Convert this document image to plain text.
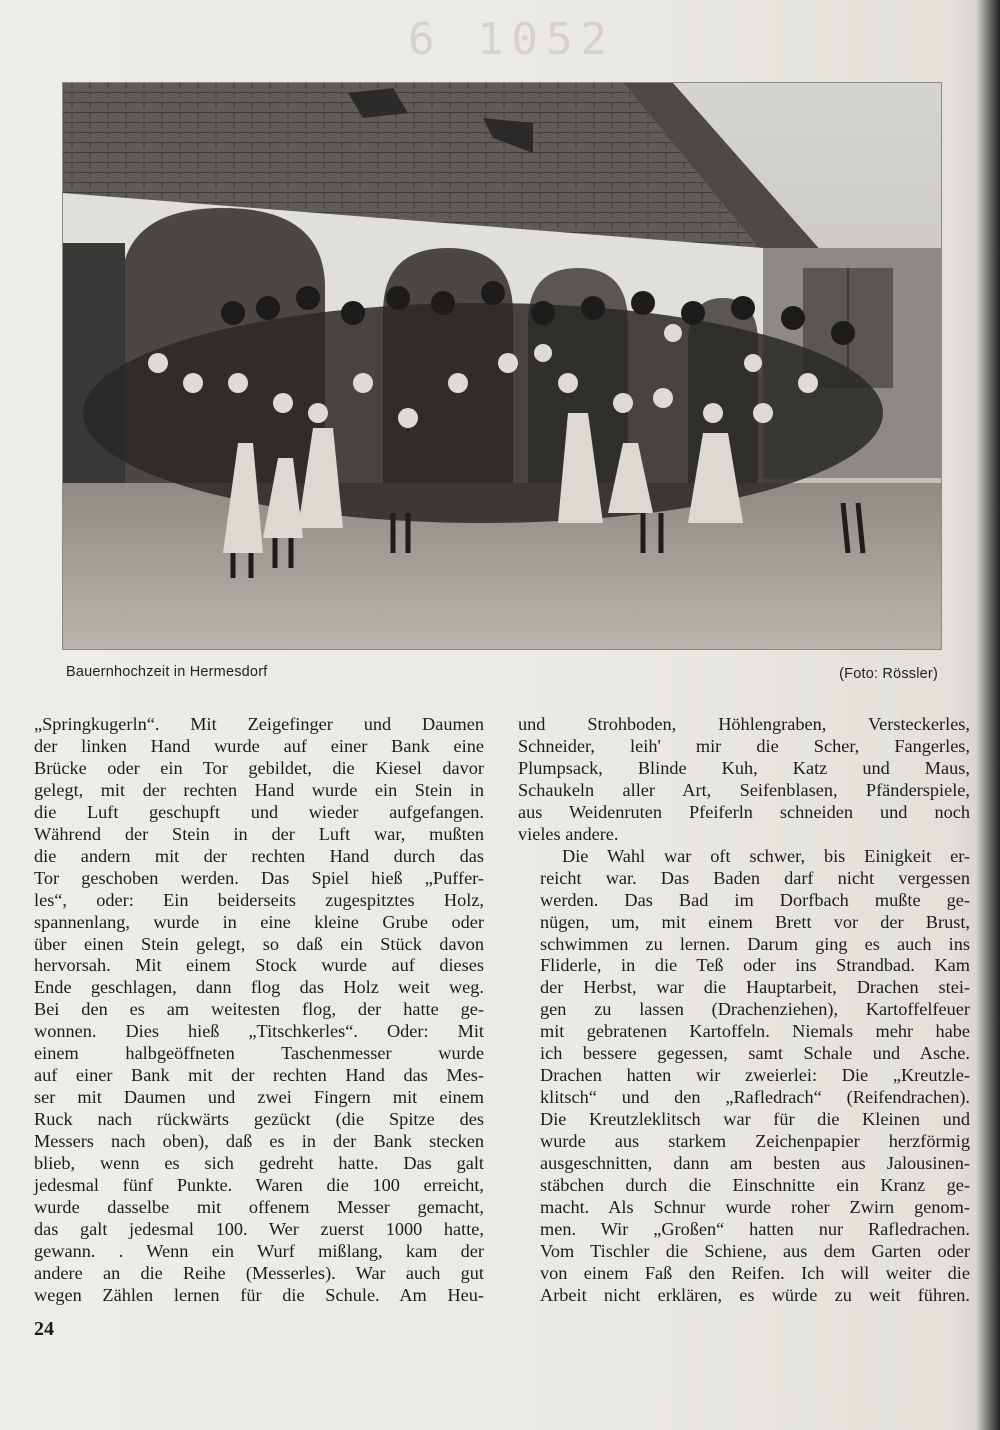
6 1052
Bauernhochzeit in Hermesdorf	(Foto: Rössler)

„Springkugerln“. Mit Zeigefinger und Daumen
der linken Hand wurde auf einer Bank eine
Brücke oder ein Tor gebildet, die Kiesel davor
gelegt, mit der rechten Hand wurde ein Stein in
die Luft geschupft und wieder aufgefangen.
Während der Stein in der Luft war, mußten
die andern mit der rechten Hand durch das
Tor geschoben werden. Das Spiel hieß „Puffer-
les“, oder: Ein beiderseits zugespitztes Holz,
spannenlang, wurde in eine kleine Grube oder
über einen Stein gelegt, so daß ein Stück davon
hervorsah. Mit einem Stock wurde auf dieses
Ende geschlagen, dann flog das Holz weit weg.
Bei den es am weitesten flog, der hatte ge-
wonnen. Dies hieß „Titschkerles“. Oder: Mit
einem halbgeöffneten Taschenmesser wurde
auf einer Bank mit der rechten Hand das Mes-
ser mit Daumen und zwei Fingern mit einem
Ruck nach rückwärts gezückt (die Spitze des
Messers nach oben), daß es in der Bank stecken
blieb, wenn es sich gedreht hatte. Das galt
jedesmal fünf Punkte. Waren die 100 erreicht,
wurde dasselbe mit offenem Messer gemacht,
das galt jedesmal 100. Wer zuerst 1000 hatte,
gewann. . Wenn ein Wurf mißlang, kam der
andere an die Reihe (Messerles). War auch gut
wegen Zählen lernen für die Schule. Am Heu-

und Strohboden, Höhlengraben, Versteckerles,
Schneider, leih' mir die Scher, Fangerles,
Plumpsack, Blinde Kuh, Katz und Maus,
Schaukeln aller Art, Seifenblasen, Pfänderspiele,
aus Weidenruten Pfeiferln schneiden und noch
vieles andere.

Die Wahl war oft schwer, bis Einigkeit er-
reicht war. Das Baden darf nicht vergessen
werden. Das Bad im Dorfbach mußte ge-
nügen, um, mit einem Brett vor der Brust,
schwimmen zu lernen. Darum ging es auch ins
Fliderle, in die Teß oder ins Strandbad. Kam
der Herbst, war die Hauptarbeit, Drachen stei-
gen zu lassen (Drachenziehen), Kartoffelfeuer
mit gebratenen Kartoffeln. Niemals mehr habe
ich bessere gegessen, samt Schale und Asche.
Drachen hatten wir zweierlei: Die „Kreutzle-
klitsch“ und den „Rafledrach“ (Reifendrachen).
Die Kreutzleklitsch war für die Kleinen und
wurde aus starkem Zeichenpapier herzförmig
ausgeschnitten, dann am besten aus Jalousinen-
stäbchen durch die Einschnitte ein Kranz ge-
macht. Als Schnur wurde roher Zwirn genom-
men. Wir „Großen“ hatten nur Rafledrachen.
Vom Tischler die Schiene, aus dem Garten oder
von einem Faß den Reifen. Ich will weiter die
Arbeit nicht erklären, es würde zu weit führen.

24
